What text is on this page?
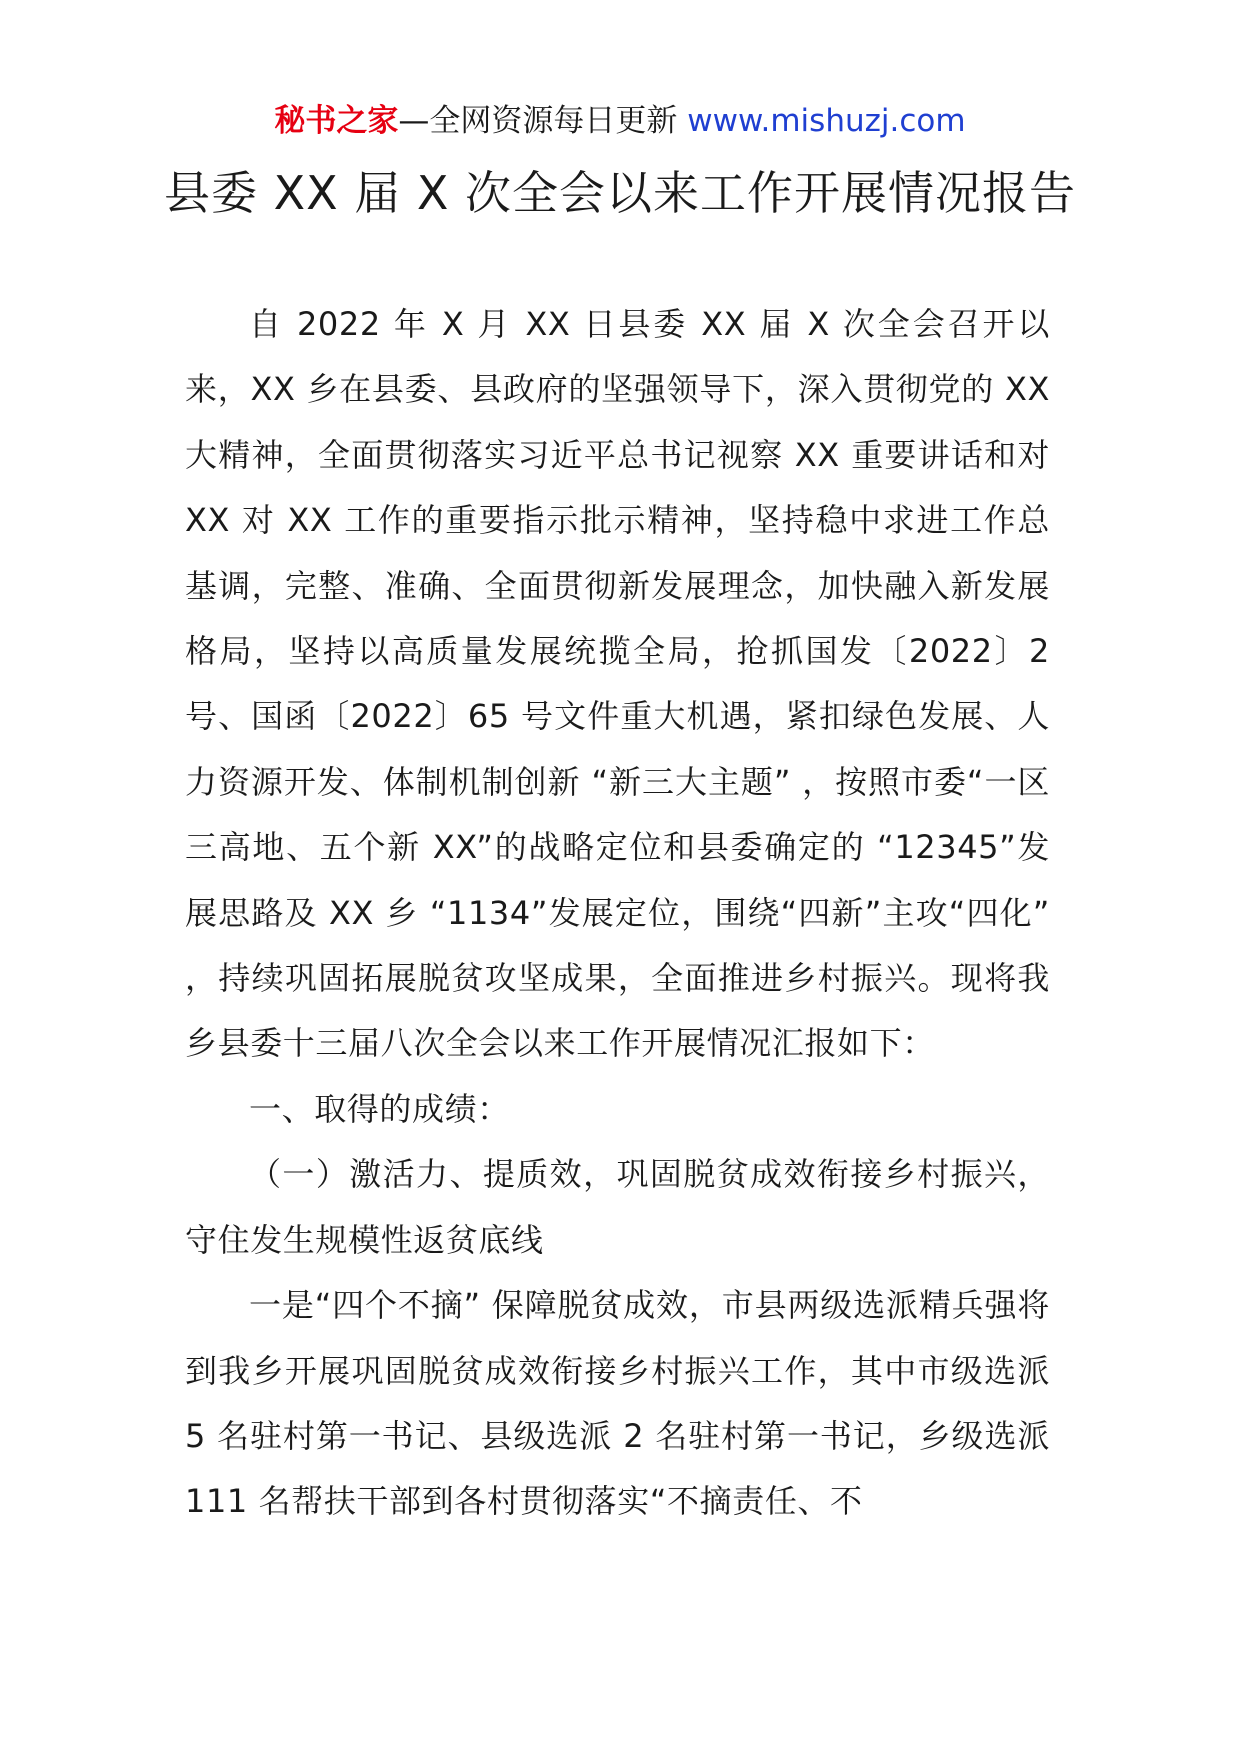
秘书之家—全网资源每日更新 www.mishuzj.com
县委 XX 届 X 次全会以来工作开展情况报告

自 2022 年 X 月 XX 日县委 XX 届 X 次全会召开以来，XX 乡在县委、县政府的坚强领导下，深入贯彻党的 XX 大精神，全面贯彻落实习近平总书记视察 XX 重要讲话和对 XX 对 XX 工作的重要指示批示精神，坚持稳中求进工作总基调，完整、准确、全面贯彻新发展理念，加快融入新发展格局，坚持以高质量发展统揽全局，抢抓国发〔2022〕2 号、国函〔2022〕65 号文件重大机遇，紧扣绿色发展、人力资源开发、体制机制创新 “新三大主题” ，按照市委“一区三高地、五个新 XX”的战略定位和县委确定的 “12345”发展思路及 XX 乡 “1134”发展定位，围绕“四新”主攻“四化” ，持续巩固拓展脱贫攻坚成果，全面推进乡村振兴。现将我乡县委十三届八次全会以来工作开展情况汇报如下：

一、取得的成绩：

（一）激活力、提质效，巩固脱贫成效衔接乡村振兴，守住发生规模性返贫底线

一是“四个不摘” 保障脱贫成效，市县两级选派精兵强将到我乡开展巩固脱贫成效衔接乡村振兴工作，其中市级选派 5 名驻村第一书记、县级选派 2 名驻村第一书记，乡级选派 111 名帮扶干部到各村贯彻落实“不摘责任、不
